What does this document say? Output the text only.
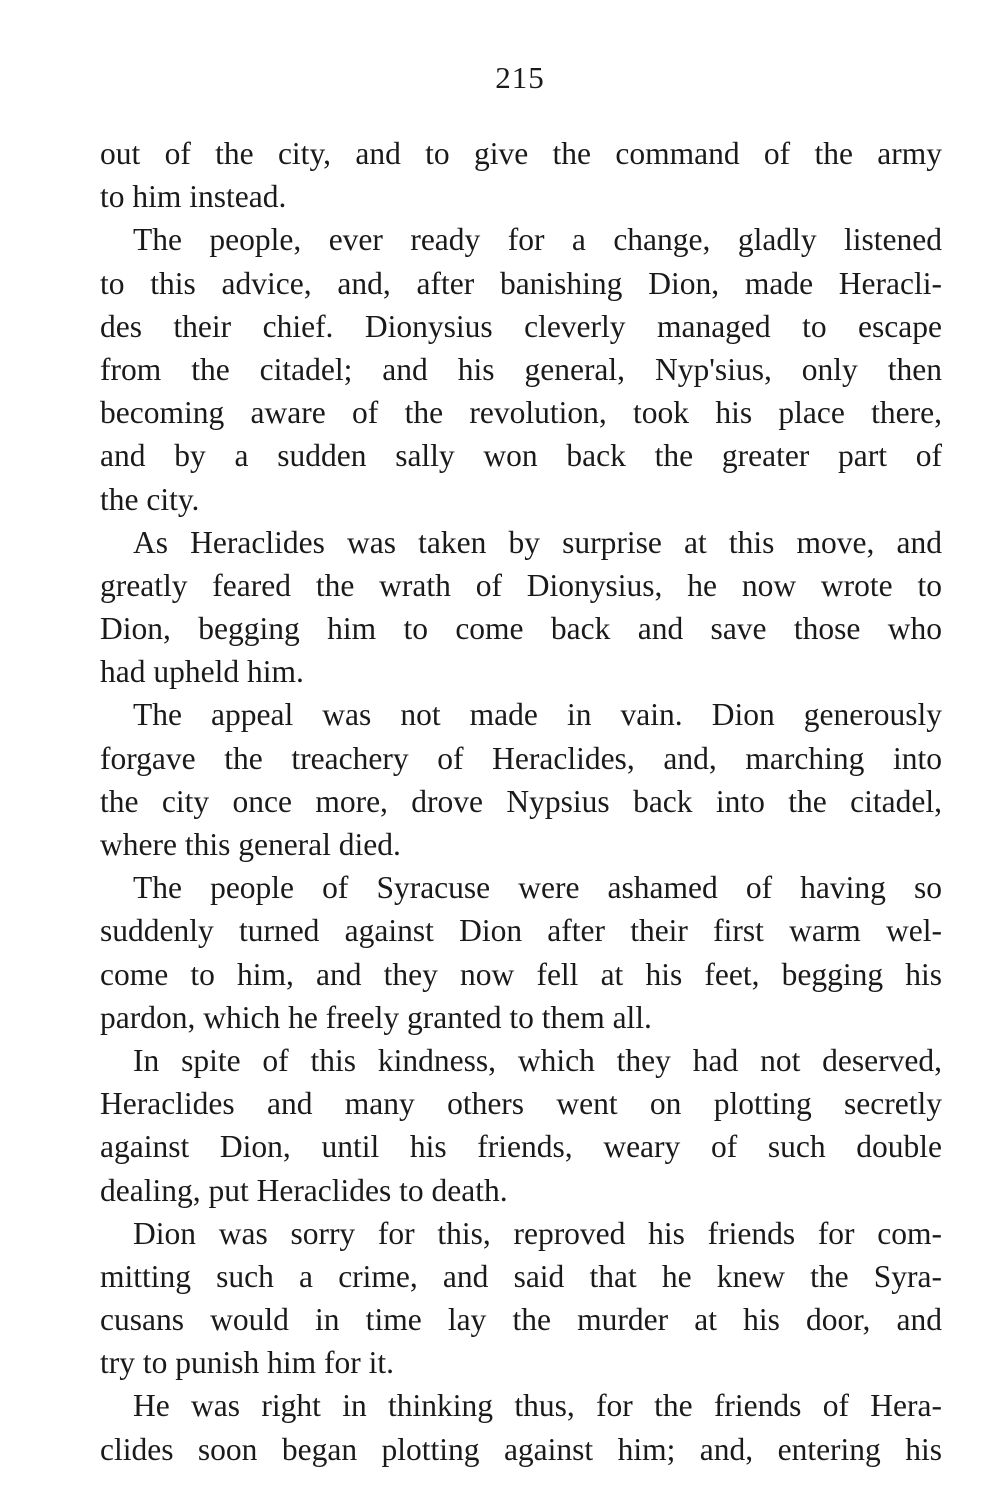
215
out of the city, and to give the command of the army
to him instead.
The people, ever ready for a change, gladly listened
to this advice, and, after banishing Dion, made Heracli-
des their chief. Dionysius cleverly managed to escape
from the citadel; and his general, Nyp'sius, only then
becoming aware of the revolution, took his place there,
and by a sudden sally won back the greater part of
the city.
As Heraclides was taken by surprise at this move, and
greatly feared the wrath of Dionysius, he now wrote to
Dion, begging him to come back and save those who
had upheld him.
The appeal was not made in vain. Dion generously
forgave the treachery of Heraclides, and, marching into
the city once more, drove Nypsius back into the citadel,
where this general died.
The people of Syracuse were ashamed of having so
suddenly turned against Dion after their first warm wel-
come to him, and they now fell at his feet, begging his
pardon, which he freely granted to them all.
In spite of this kindness, which they had not deserved,
Heraclides and many others went on plotting secretly
against Dion, until his friends, weary of such double
dealing, put Heraclides to death.
Dion was sorry for this, reproved his friends for com-
mitting such a crime, and said that he knew the Syra-
cusans would in time lay the murder at his door, and
try to punish him for it.
He was right in thinking thus, for the friends of Hera-
clides soon began plotting against him; and, entering his
